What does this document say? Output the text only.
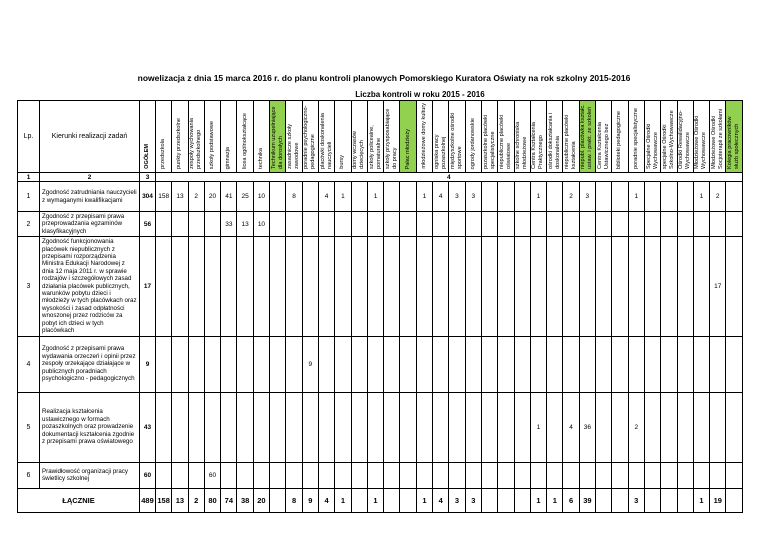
nowelizacja z dnia 15 marca 2016 r. do planu kontroli planowych Pomorskiego Kuratora Oświaty na rok szkolny 2015-2016
Liczba kontroli w roku 2015 - 2016
Lp.	Kierunki realizacji zadań	OGÓŁEM	przedszkola	punkty przedszkolne	zespoły wychowania przedszkolnego	szkoły podstawowe	gimnazja	licea ogólnokształcące	technika	Technikum uzupełniające dla dorosłych	zasadnicze szkoły zawodowe	poradnie psychologiczno-pedagogiczne	placówki doskonalenia nauczycieli	bursy	domy wczasów dziecięcych	szkoły policealne, pomaturalne	szkoły przysposabiające do pracy	Pałac młodzieży	młodzieżowe domy kultury	ogniska pracy pozaszkolnej	międzyszkolne ośrodki sportowe	ogrody jordanowskie	pozaszkolne placówki specjalistyczne	niepubliczne placówki oświatowe	szkolne schroniska młodzieżowe	Centra Kształcenia Praktycznego	ośrodki dokształcania i doskonalenia	niepubliczne placówki kształcenia	niepubl. placówka kształc. ustaw. i prakt. ze szkoleń	Centra Kształcenia Ustawicznego bez	biblioteki pedagogiczne	poradnie specjalistyczne	Specjalne Ośrodki Wychowawcze	specjalne Ośrodki Szkolno-Wychowawcze	Ośrodki Rewalidacyjno-Wychowawcze	Młodzieżowe Ośrodki Wychowawcze	Młodzieżowe Ośrodki Socjoterapii ze szkołami	Kolegia pracowników służb społecznych
1	2	3	4																																			
1	Zgodność zatrudniania nauczycieli z wymaganymi kwalifikacjami	304	158	13	2	20	41	25	10		8		4	1		1			1	4	3	3				1		2	3			1				1	2	
2	Zgodność z przepisami prawa przeprowadzania egzaminów klasyfikacyjnych	56					33	13	10																													
3	Zgodność funkcjonowania placówek niepublicznych z przepisami rozporządzenia Ministra Edukacji Narodowej z dnia 12 maja 2011 r. w sprawie rodzajów i szczegółowych zasad działania placówek publicznych, warunków pobytu dzieci i młodzieży w tych placówkach oraz wysokości i zasad odpłatności wnoszonej przez rodziców za pobyt ich dzieci w tych placówkach	17																																			17	
4	Zgodność z przepisami prawa wydawania orzeczeń i opinii przez zespoły orzekające działające w publicznych poradniach psychologiczno - pedagogicznych	9										9																										
5	Realizacja kształcenia ustawicznego w formach pozaszkolnych oraz prowadzenie dokumentacji kształcenia zgodnie z przepisami prawa oświatowego	43																								1		4	36			2						
6	Prawidłowość organizacji pracy świetlicy szkolnej	60				60																																
ŁĄCZNIE		489	158	13	2	80	74	38	20		8	9	4	1		1			1	4	3	3				1	1	6	39			3				1	19	
